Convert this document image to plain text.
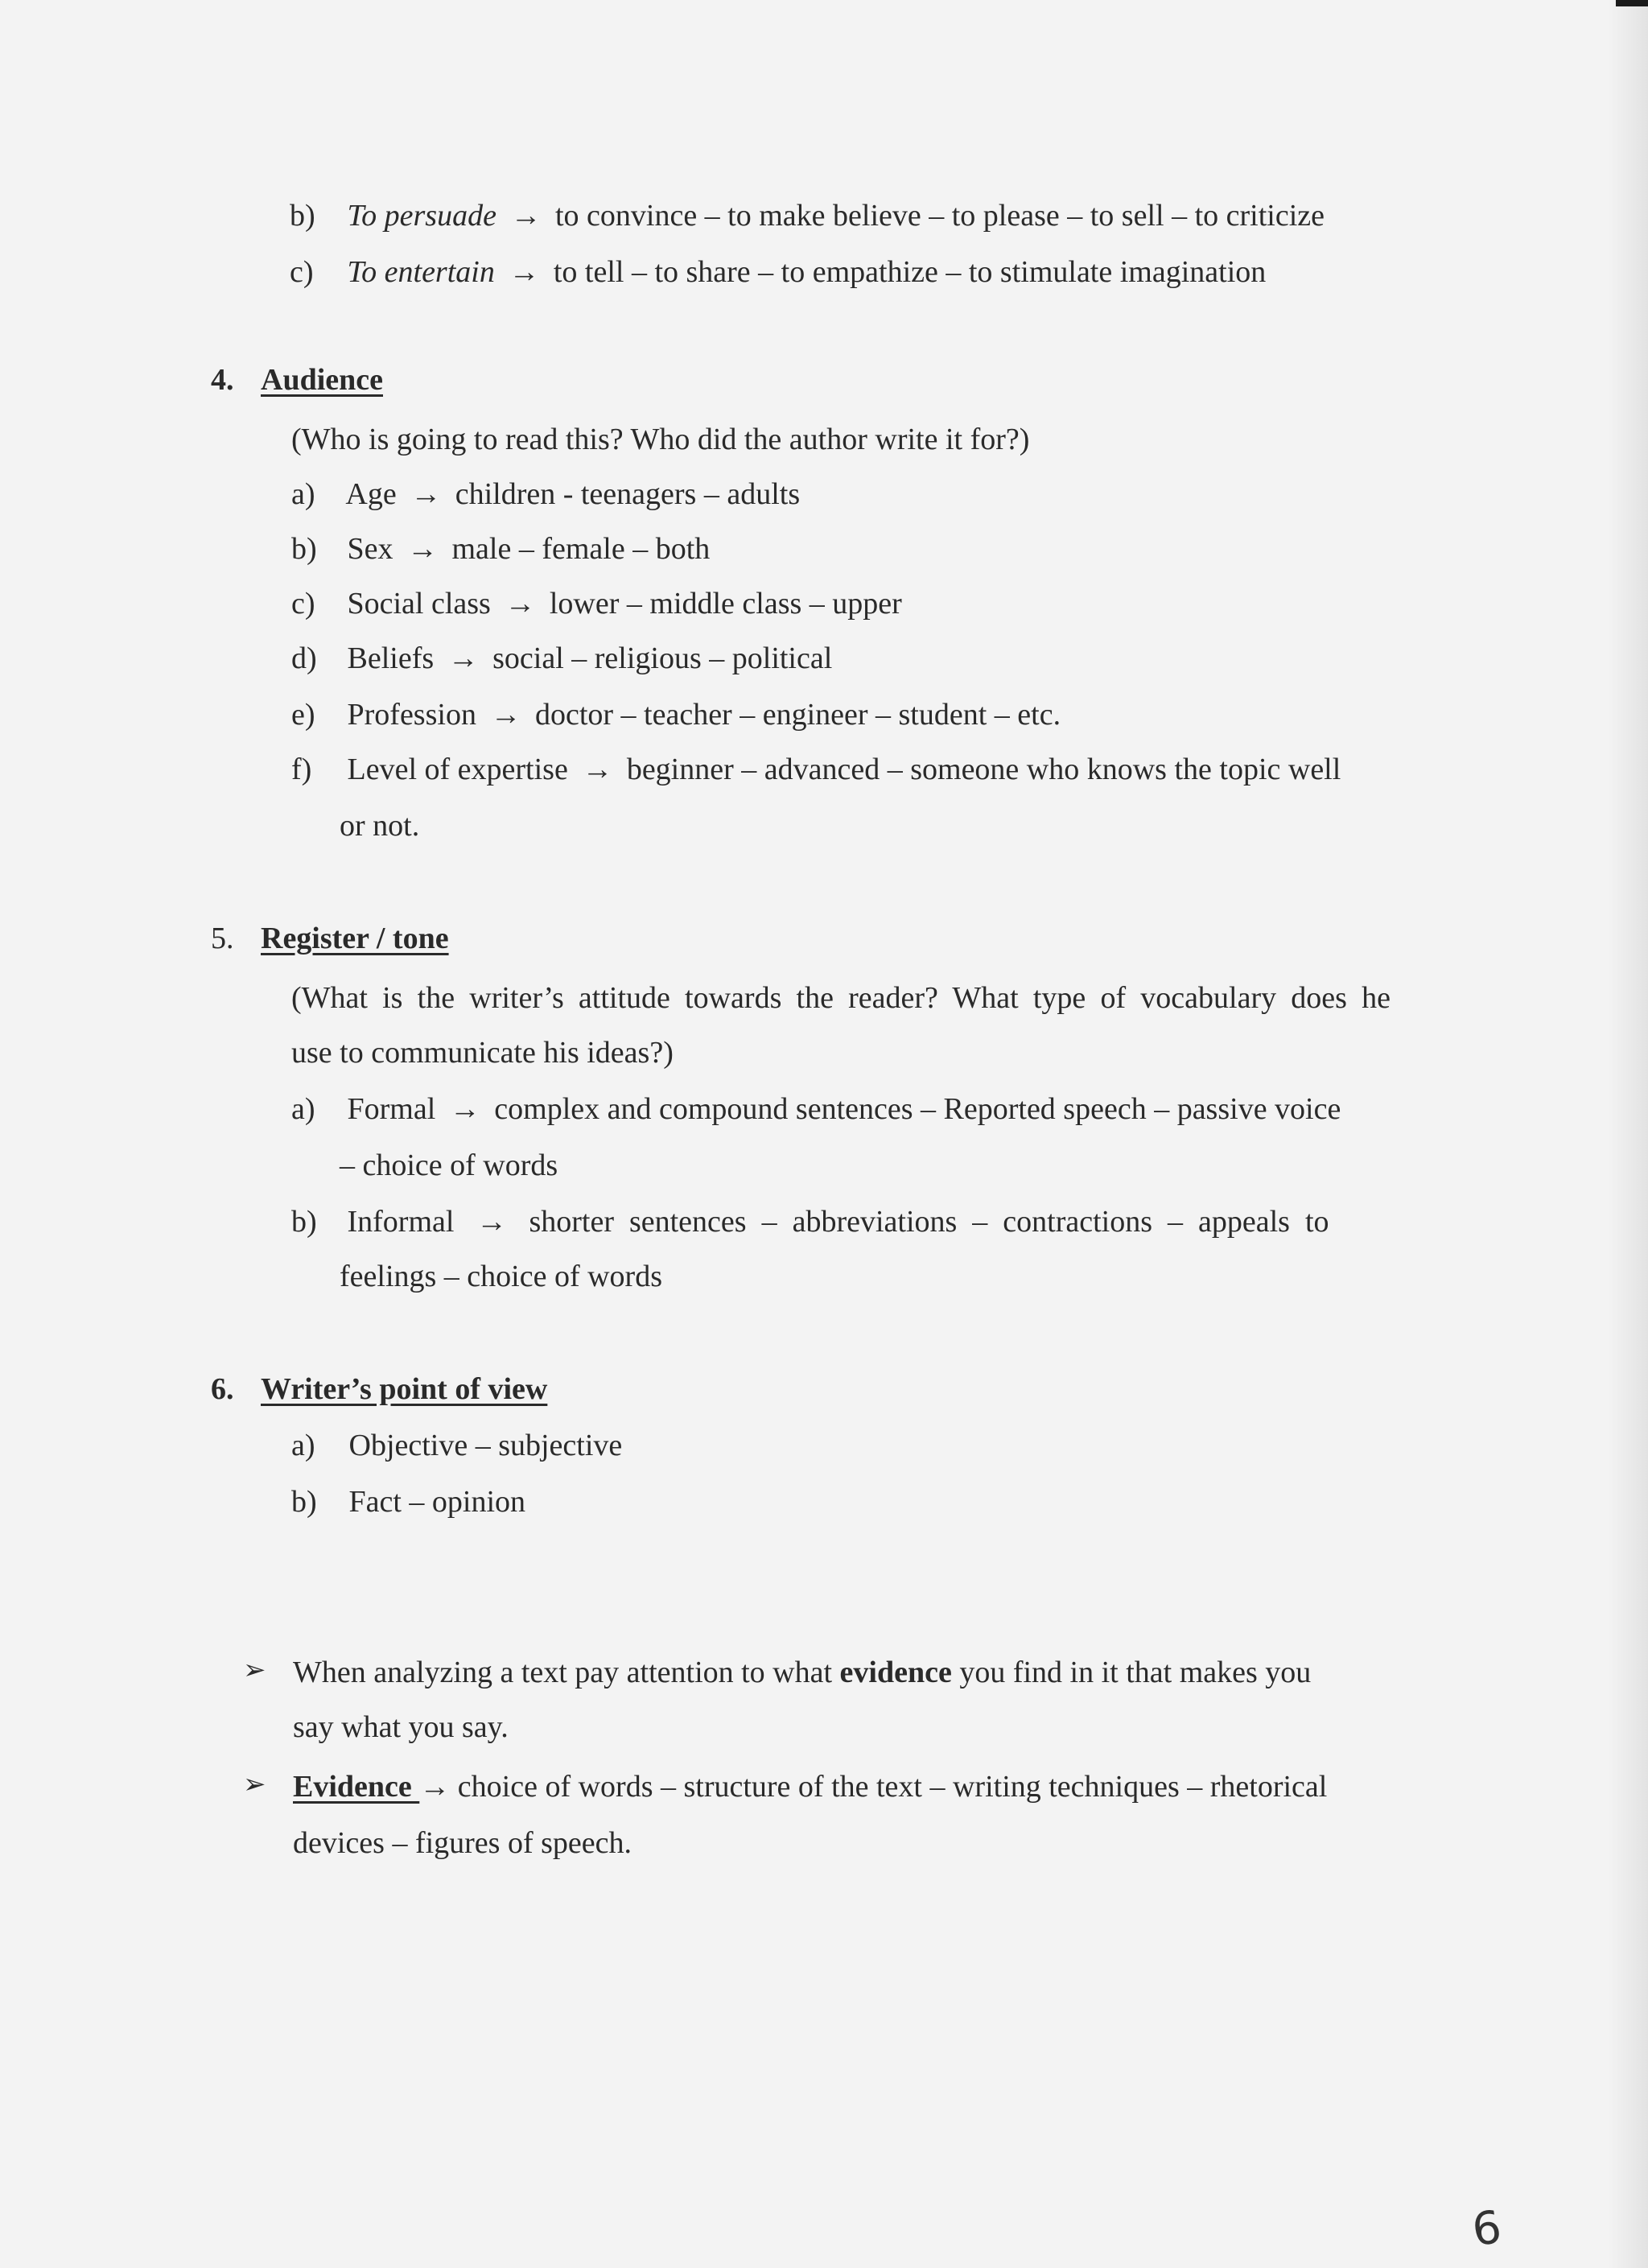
b) To persuade → to convince – to make believe – to please – to sell – to criticize
c) To entertain → to tell – to share – to empathize – to stimulate imagination
4. Audience
(Who is going to read this? Who did the author write it for?)
a) Age → children - teenagers – adults
b) Sex → male – female – both
c) Social class → lower – middle class – upper
d) Beliefs → social – religious – political
e) Profession → doctor – teacher – engineer – student – etc.
f) Level of expertise → beginner – advanced – someone who knows the topic well
or not.
5. Register / tone
(What is the writer’s attitude towards the reader? What type of vocabulary does he
use to communicate his ideas?)
a) Formal → complex and compound sentences – Reported speech – passive voice
– choice of words
b) Informal → shorter  sentences  –  abbreviations  –  contractions  –  appeals  to
feelings – choice of words
6. Writer’s point of view
a) Objective – subjective
b) Fact – opinion
➢ When analyzing a text pay attention to what evidence you find in it that makes you
say what you say.
➢ Evidence → choice of words – structure of the text – writing techniques – rhetorical
devices – figures of speech.
6
